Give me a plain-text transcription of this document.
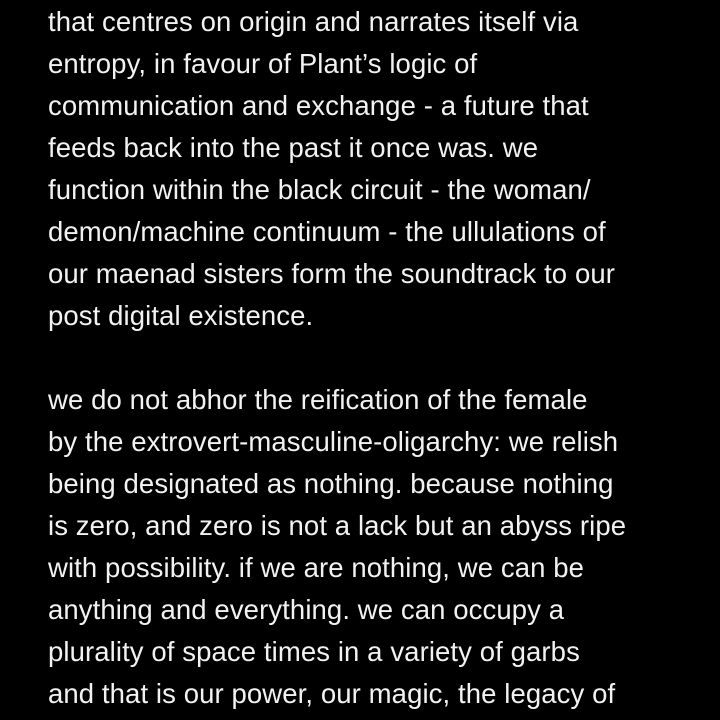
that centres on origin and narrates itself via
entropy, in favour of Plant’s logic of
communication and exchange - a future that
feeds back into the past it once was. we
function within the black circuit - the woman/
demon/machine continuum - the ullulations of
our maenad sisters form the soundtrack to our
post digital existence.
we do not abhor the reification of the female
by the extrovert-masculine-oligarchy: we relish
being designated as nothing. because nothing
is zero, and zero is not a lack but an abyss ripe
with possibility. if we are nothing, we can be
anything and everything. we can occupy a
plurality of space times in a variety of garbs
and that is our power, our magic, the legacy of
